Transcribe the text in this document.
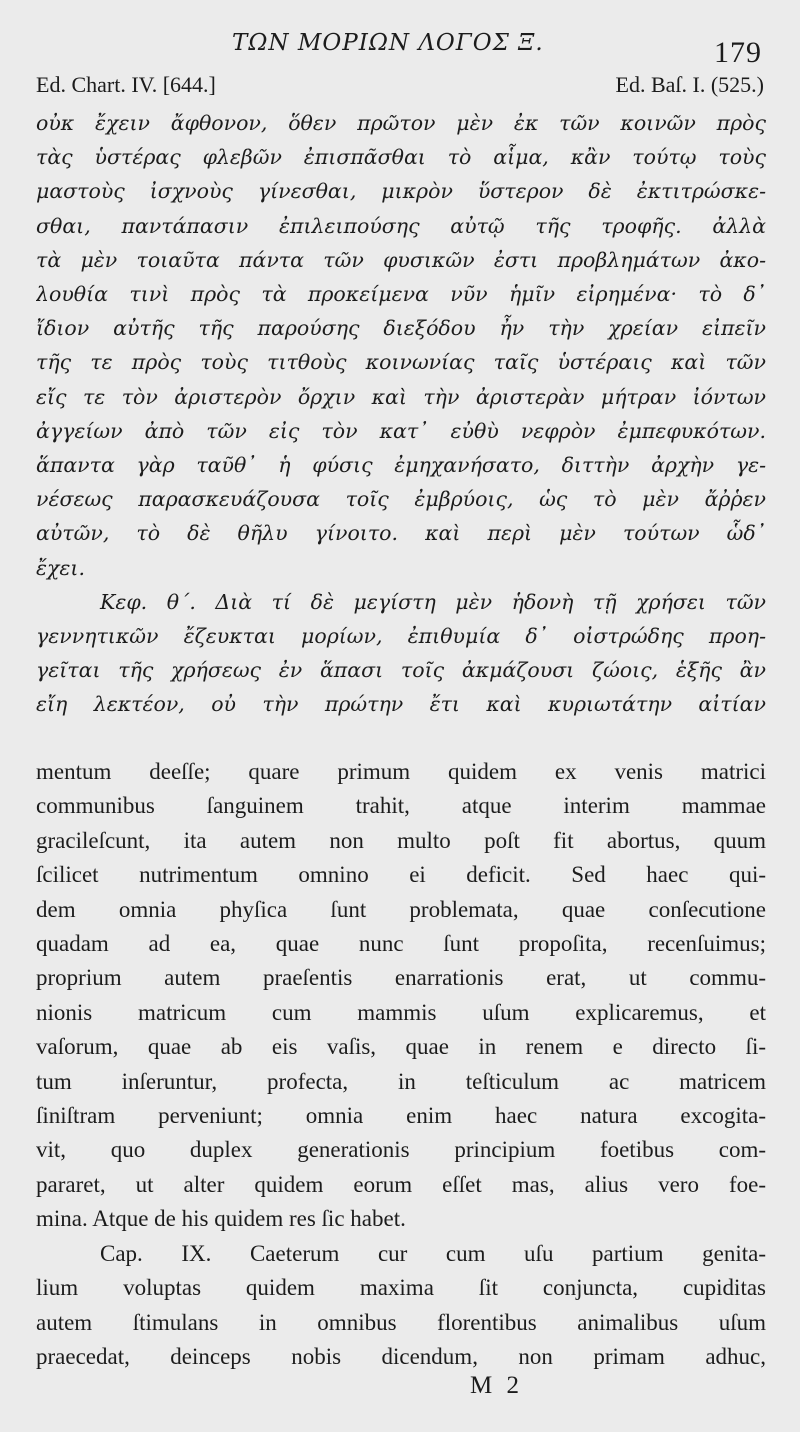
ΤΩΝ ΜΟΡΙΩΝ ΛΟΓΟΣ Ξ.	179
Ed. Chart. IV. [644.]	Ed. Baſ. I. (525.)
οὐκ ἔχειν ἄφθονον, ὅθεν πρῶτον μὲν ἐκ τῶν κοινῶν πρὸς
τὰς ὑστέρας φλεβῶν ἐπισπᾶσθαι τὸ αἷμα, κἂν τούτῳ τοὺς
μαστοὺς ἰσχνοὺς γίνεσθαι, μικρὸν ὕστερον δὲ ἐκτιτρώσκε-
σθαι, παντάπασιν ἐπιλειπούσης αὐτῷ τῆς τροφῆς. ἀλλὰ
τὰ μὲν τοιαῦτα πάντα τῶν φυσικῶν ἐστι προβλημάτων ἀκο-
λουθία τινὶ πρὸς τὰ προκείμενα νῦν ἡμῖν εἰρημένα· τὸ δ᾽
ἴδιον αὐτῆς τῆς παρούσης διεξόδου ἦν τὴν χρείαν εἰπεῖν
τῆς τε πρὸς τοὺς τιτθοὺς κοινωνίας ταῖς ὑστέραις καὶ τῶν
εἴς τε τὸν ἀριστερὸν ὄρχιν καὶ τὴν ἀριστερὰν μήτραν ἰόντων
ἀγγείων ἀπὸ τῶν εἰς τὸν κατ᾽ εὐθὺ νεφρὸν ἐμπεφυκότων.
ἅπαντα γὰρ ταῦθ᾽ ἡ φύσις ἐμηχανήσατο, διττὴν ἀρχὴν γε-
νέσεως παρασκευάζουσα τοῖς ἐμβρύοις, ὡς τὸ μὲν ἄῤῥεν
αὐτῶν, τὸ δὲ θῆλυ γίνοιτο. καὶ περὶ μὲν τούτων ὧδ᾽
ἔχει.
Κεφ. θ΄. Διὰ τί δὲ μεγίστη μὲν ἡδονὴ τῇ χρήσει τῶν
γεννητικῶν ἔζευκται μορίων, ἐπιθυμία δ᾽ οἰστρώδης προη-
γεῖται τῆς χρήσεως ἐν ἅπασι τοῖς ἀκμάζουσι ζώοις, ἑξῆς ἂν
εἴη λεκτέον, οὐ τὴν πρώτην ἔτι καὶ κυριωτάτην αἰτίαν
mentum deeſſe; quare primum quidem ex venis matrici
communibus ſanguinem trahit, atque interim mammae
gracileſcunt, ita autem non multo poſt fit abortus, quum
ſcilicet nutrimentum omnino ei deficit. Sed haec qui-
dem omnia phyſica ſunt problemata, quae conſecutione
quadam ad ea, quae nunc ſunt propoſita, recenſuimus;
proprium autem praeſentis enarrationis erat, ut commu-
nionis matricum cum mammis uſum explicaremus, et
vaſorum, quae ab eis vaſis, quae in renem e directo ſi-
tum inſeruntur, profecta, in teſticulum ac matricem
ſiniſtram perveniunt; omnia enim haec natura excogita-
vit, quo duplex generationis principium foetibus com-
pararet, ut alter quidem eorum eſſet mas, alius vero foe-
mina. Atque de his quidem res ſic habet.
Cap. IX. Caeterum cur cum uſu partium genita-
lium voluptas quidem maxima ſit conjuncta, cupiditas
autem ſtimulans in omnibus florentibus animalibus uſum
praecedat, deinceps nobis dicendum, non primam adhuc,
M 2
